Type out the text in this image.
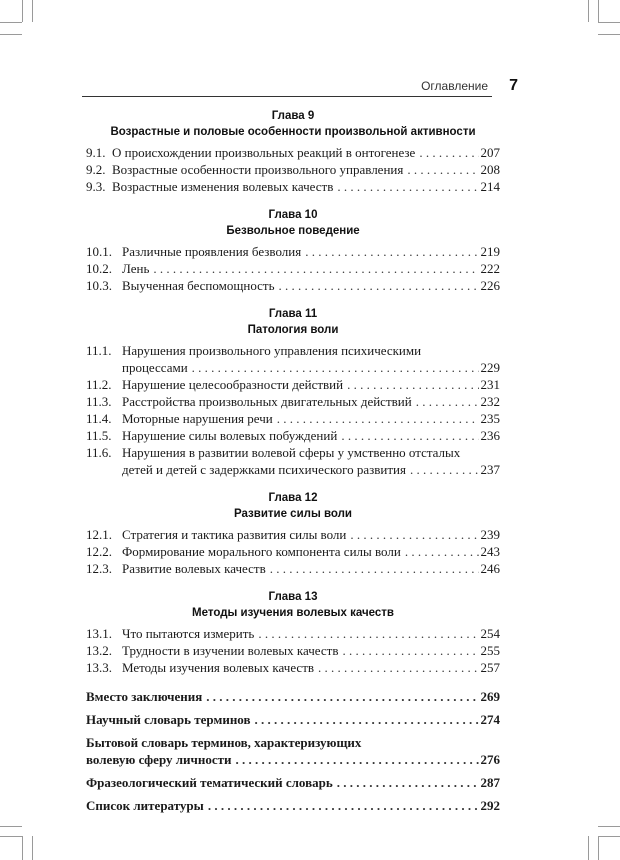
Оглавление 7
Глава 9
Возрастные и половые особенности произвольной активности
9.1. О происхождении произвольных реакций в онтогенезе . . .	207
9.2. Возрастные особенности произвольного управления . . .	208
9.3. Возрастные изменения волевых качеств . . .	214
Глава 10
Безвольное поведение
10.1. Различные проявления безволия . . .	219
10.2. Лень . . .	222
10.3. Выученная беспомощность . . .	226
Глава 11
Патология воли
11.1. Нарушения произвольного управления психическими
процессами . . .	229
11.2. Нарушение целесообразности действий . . .	231
11.3. Расстройства произвольных двигательных действий . . .	232
11.4. Моторные нарушения речи . . .	235
11.5. Нарушение силы волевых побуждений . . .	236
11.6. Нарушения в развитии волевой сферы у умственно отсталых
детей и детей с задержками психического развития . . .	237
Глава 12
Развитие силы воли
12.1. Стратегия и тактика развития силы воли . . .	239
12.2. Формирование морального компонента силы воли . . .	243
12.3. Развитие волевых качеств . . .	246
Глава 13
Методы изучения волевых качеств
13.1. Что пытаются измерить . . .	254
13.2. Трудности в изучении волевых качеств . . .	255
13.3. Методы изучения волевых качеств . . .	257
Вместо заключения . . .	269
Научный словарь терминов . . .	274
Бытовой словарь терминов, характеризующих
волевую сферу личности . . .	276
Фразеологический тематический словарь . . .	287
Список литературы . . .	292
